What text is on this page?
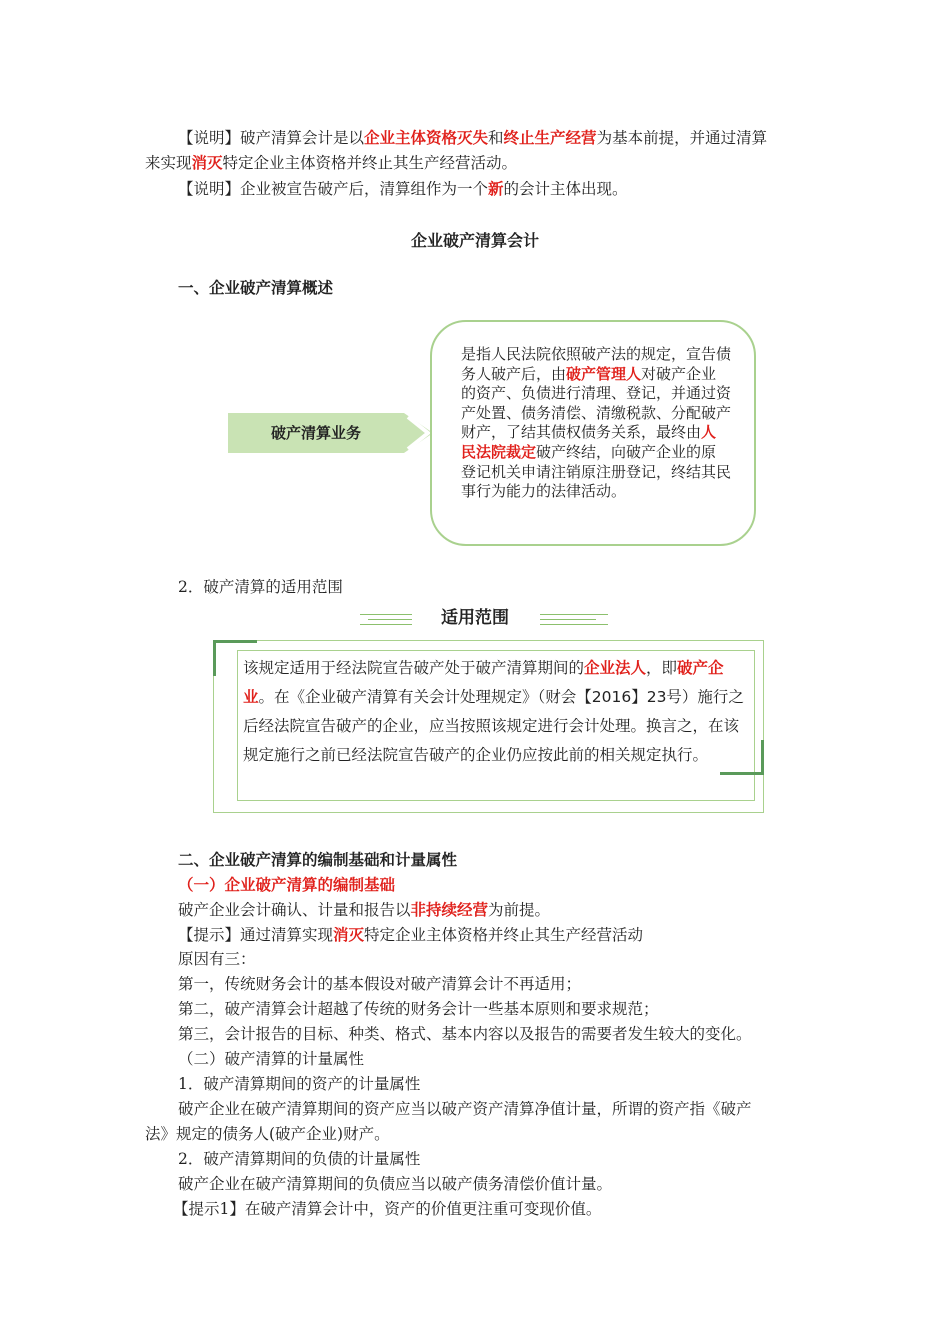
【说明】破产清算会计是以企业主体资格灭失和终止生产经营为基本前提，并通过清算
来实现消灭特定企业主体资格并终止其生产经营活动。
【说明】企业被宣告破产后，清算组作为一个新的会计主体出现。
企业破产清算会计
一、企业破产清算概述
破产清算业务
是指人民法院依照破产法的规定，宣告债务人破产后，由破产管理人对破产企业的资产、负债进行清理、登记，并通过资产处置、债务清偿、清缴税款、分配破产财产，了结其债权债务关系，最终由人民法院裁定破产终结，向破产企业的原登记机关申请注销原注册登记，终结其民事行为能力的法律活动。
2．破产清算的适用范围
适用范围
该规定适用于经法院宣告破产处于破产清算期间的企业法人，即破产企业。在《企业破产清算有关会计处理规定》（财会【2016】23号）施行之后经法院宣告破产的企业，应当按照该规定进行会计处理。换言之，在该规定施行之前已经法院宣告破产的企业仍应按此前的相关规定执行。
二、企业破产清算的编制基础和计量属性
（一）企业破产清算的编制基础
破产企业会计确认、计量和报告以非持续经营为前提。
【提示】通过清算实现消灭特定企业主体资格并终止其生产经营活动
原因有三：
第一，传统财务会计的基本假设对破产清算会计不再适用；
第二，破产清算会计超越了传统的财务会计一些基本原则和要求规范；
第三，会计报告的目标、种类、格式、基本内容以及报告的需要者发生较大的变化。
（二）破产清算的计量属性
1．破产清算期间的资产的计量属性
破产企业在破产清算期间的资产应当以破产资产清算净值计量，所谓的资产指《破产
法》规定的债务人(破产企业)财产。
2．破产清算期间的负债的计量属性
破产企业在破产清算期间的负债应当以破产债务清偿价值计量。
【提示1】在破产清算会计中，资产的价值更注重可变现价值。
